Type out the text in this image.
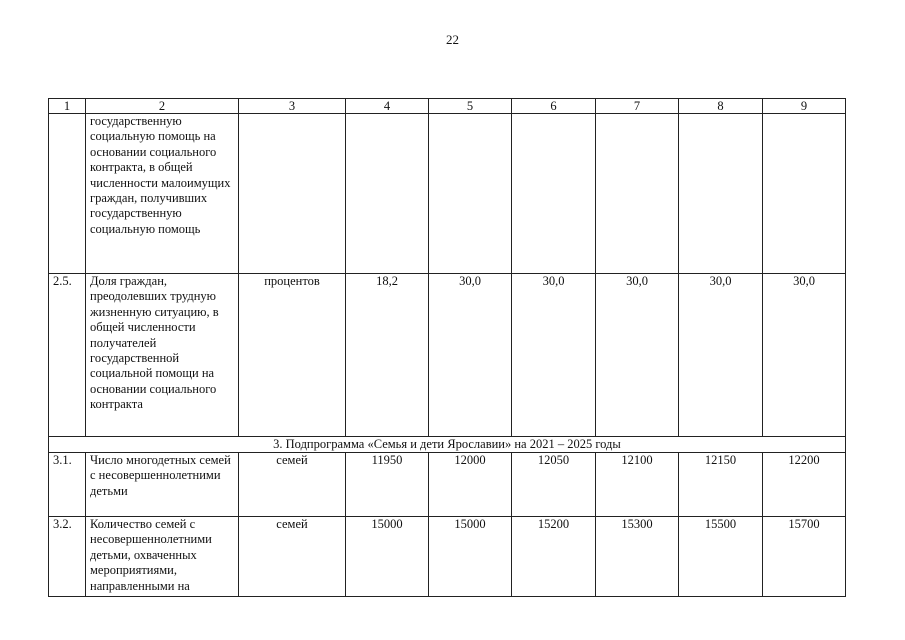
22
1	2	3	4	5	6	7	8	9
	государственную социальную помощь на основании социального контракта, в общей численности малоимущих граждан, получивших государственную социальную помощь							
2.5.	Доля граждан, преодолевших трудную жизненную ситуацию, в общей численности получателей государственной социальной помощи на основании социального контракта	процентов	18,2	30,0	30,0	30,0	30,0	30,0
3. Подпрограмма «Семья и дети Ярославии» на 2021 – 2025 годы								
3.1.	Число многодетных семей с несовершеннолетними детьми	семей	11950	12000	12050	12100	12150	12200
3.2.	Количество семей с несовершеннолетними детьми, охваченных мероприятиями, направленными на	семей	15000	15000	15200	15300	15500	15700
